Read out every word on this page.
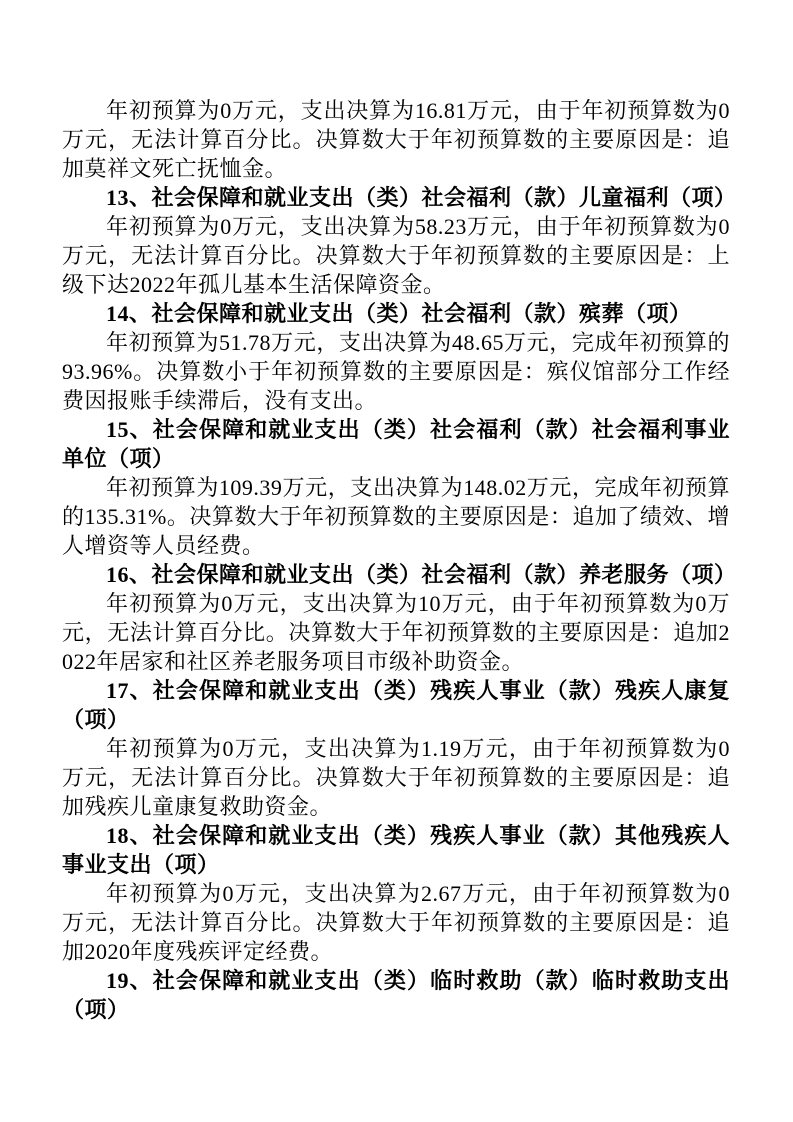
年初预算为0万元，支出决算为16.81万元，由于年初预算数为0万元，无法计算百分比。决算数大于年初预算数的主要原因是：追加莫祥文死亡抚恤金。

13、社会保障和就业支出（类）社会福利（款）儿童福利（项）

年初预算为0万元，支出决算为58.23万元，由于年初预算数为0万元，无法计算百分比。决算数大于年初预算数的主要原因是：上级下达2022年孤儿基本生活保障资金。

14、社会保障和就业支出（类）社会福利（款）殡葬（项）

年初预算为51.78万元，支出决算为48.65万元，完成年初预算的93.96%。决算数小于年初预算数的主要原因是：殡仪馆部分工作经费因报账手续滞后，没有支出。

15、社会保障和就业支出（类）社会福利（款）社会福利事业单位（项）

年初预算为109.39万元，支出决算为148.02万元，完成年初预算的135.31%。决算数大于年初预算数的主要原因是：追加了绩效、增人增资等人员经费。

16、社会保障和就业支出（类）社会福利（款）养老服务（项）

年初预算为0万元，支出决算为10万元，由于年初预算数为0万元，无法计算百分比。决算数大于年初预算数的主要原因是：追加2022年居家和社区养老服务项目市级补助资金。

17、社会保障和就业支出（类）残疾人事业（款）残疾人康复（项）

年初预算为0万元，支出决算为1.19万元，由于年初预算数为0万元，无法计算百分比。决算数大于年初预算数的主要原因是：追加残疾儿童康复救助资金。

18、社会保障和就业支出（类）残疾人事业（款）其他残疾人事业支出（项）

年初预算为0万元，支出决算为2.67万元，由于年初预算数为0万元，无法计算百分比。决算数大于年初预算数的主要原因是：追加2020年度残疾评定经费。

19、社会保障和就业支出（类）临时救助（款）临时救助支出（项）
